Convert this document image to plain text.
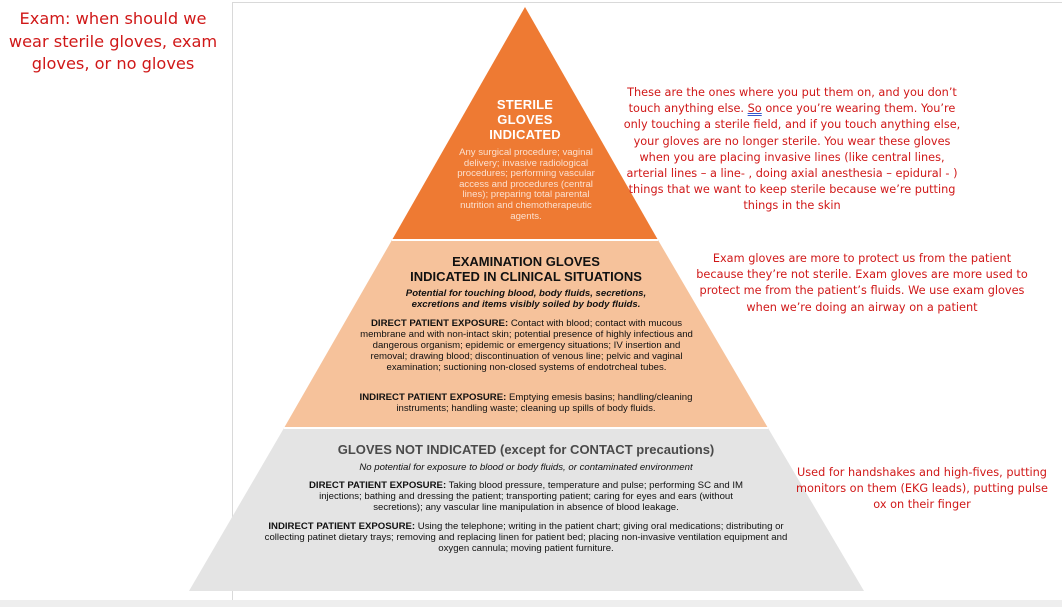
Exam: when should we wear sterile gloves, exam gloves, or no gloves
STERILE
GLOVES
INDICATED
Any surgical procedure; vaginal delivery; invasive radiological procedures; performing vascular access and procedures (central lines); preparing total parental nutrition and chemotherapeutic agents.
EXAMINATION GLOVES
INDICATED IN CLINICAL SITUATIONS
Potential for touching blood, body fluids, secretions, excretions and items visibly soiled by body fluids.
DIRECT PATIENT EXPOSURE: Contact with blood; contact with mucous membrane and with non-intact skin; potential presence of highly infectious and dangerous organism; epidemic or emergency situations; IV insertion and removal; drawing blood; discontinuation of venous line; pelvic and vaginal examination; suctioning non-closed systems of endotrcheal tubes.
INDIRECT PATIENT EXPOSURE: Emptying emesis basins; handling/cleaning instruments; handling waste; cleaning up spills of body fluids.
GLOVES NOT INDICATED (except for CONTACT precautions)
No potential for exposure to blood or body fluids, or contaminated environment
DIRECT PATIENT EXPOSURE: Taking blood pressure, temperature and pulse; performing SC and IM injections; bathing and dressing the patient; transporting patient; caring for eyes and ears (without secretions); any vascular line manipulation in absence of blood leakage.
INDIRECT PATIENT EXPOSURE: Using the telephone; writing in the patient chart; giving oral medications; distributing or collecting patinet dietary trays; removing and replacing linen for patient bed; placing non-invasive ventilation equipment and oxygen cannula; moving patient furniture.
These are the ones where you put them on, and you don’t touch anything else. So once you’re wearing them. You’re only touching a sterile field, and if you touch anything else, your gloves are no longer sterile. You wear these gloves when you are placing invasive lines (like central lines, arterial lines – a line- , doing axial anesthesia – epidural - ) things that we want to keep sterile because we’re putting things in the skin
Exam gloves are more to protect us from the patient because they’re not sterile. Exam gloves are more used to protect me from the patient’s fluids. We use exam gloves when we’re doing an airway on a patient
Used for handshakes and high-fives, putting monitors on them (EKG leads), putting pulse ox on their finger
